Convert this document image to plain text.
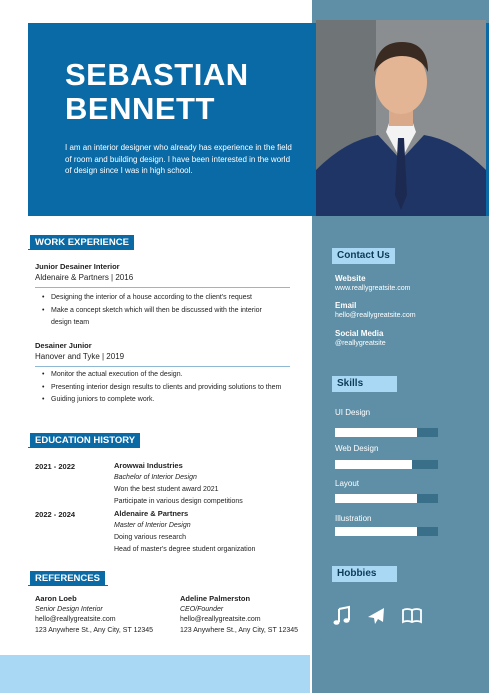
SEBASTIAN
BENNETT

I am an interior designer who already has experience in the field of room and building design. I have been interested in the world of design since I was in high school.

WORK EXPERIENCE
Junior Desainer Interior
Aldenaire & Partners | 2016
• Designing the interior of a house according to the client's request
• Make a concept sketch which will then be discussed with the interior design team
Desainer Junior
Hanover and Tyke | 2019
• Monitor the actual execution of the design.
• Presenting interior design results to clients and providing solutions to them
• Guiding juniors to complete work.
EDUCATION HISTORY
2021 - 2022	Arowwai Industries
Bachelor of Interior Design
Won the best student award 2021
Participate in various design competitions
2022 - 2024	Aldenaire & Partners
Master of Interior Design
Doing various research
Head of master's degree student organization
REFERENCES
Aaron Loeb
Senior Design Interior
hello@reallygreatsite.com
123 Anywhere St., Any City, ST 12345
Adeline Palmerston
CEO/Founder
hello@reallygreatsite.com
123 Anywhere St., Any City, ST 12345
Contact Us
Website
www.reallygreatsite.com
Email
hello@reallygreatsite.com
Social Media
@reallygreatsite
Skills
UI Design
Web Design
Layout
Illustration
Hobbies
